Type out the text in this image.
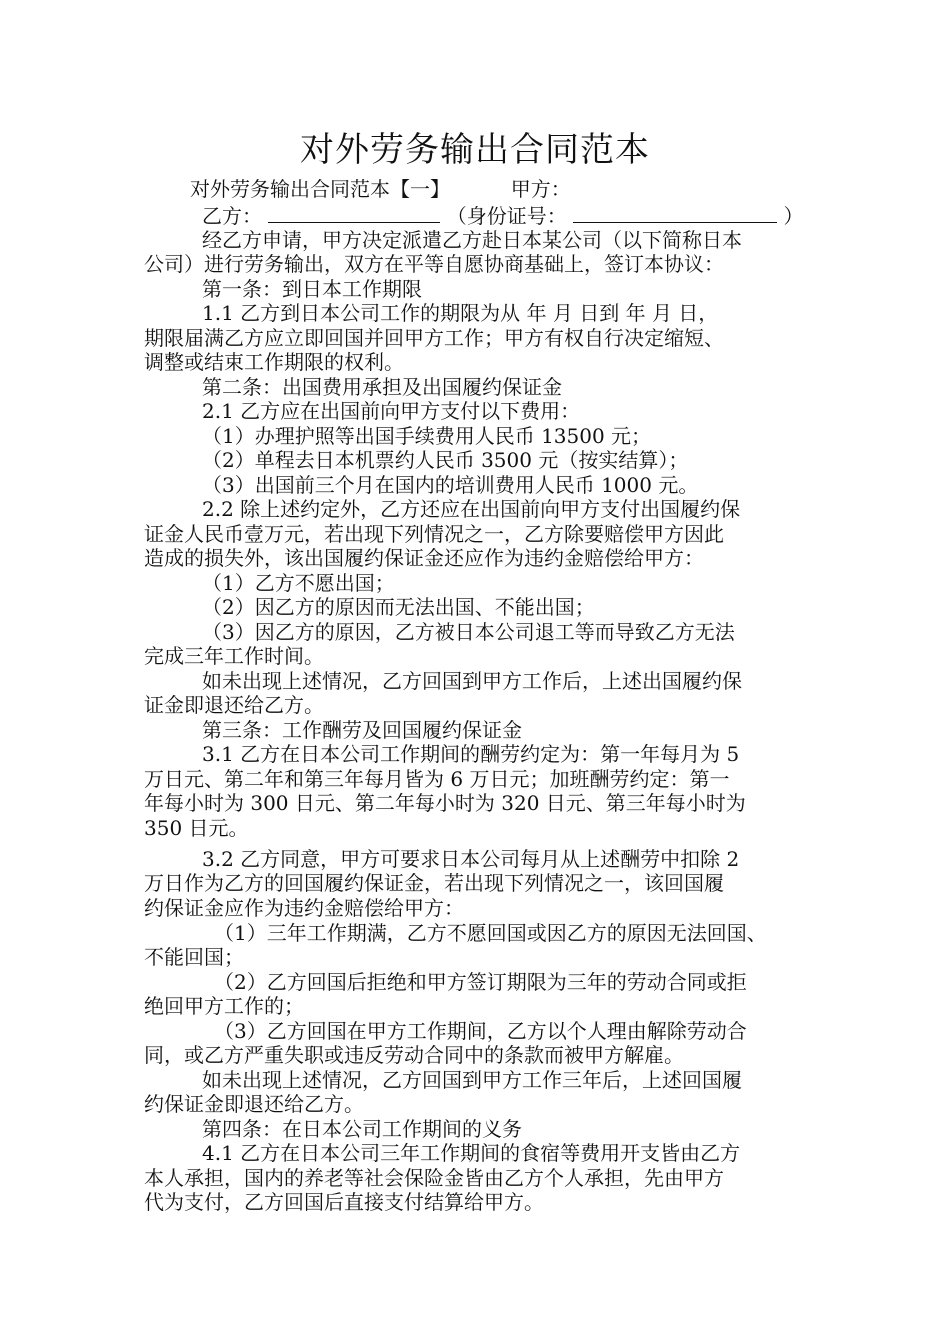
对外劳务输出合同范本
对外劳务输出合同范本【一】	甲方：
乙方：	（身份证号：	）
经乙方申请，甲方决定派遣乙方赴日本某公司（以下简称日本
公司）进行劳务输出，双方在平等自愿协商基础上，签订本协议：
第一条：到日本工作期限
1.1 乙方到日本公司工作的期限为从 年 月 日到 年 月 日，
期限届满乙方应立即回国并回甲方工作；甲方有权自行决定缩短、
调整或结束工作期限的权利。
第二条：出国费用承担及出国履约保证金
2.1 乙方应在出国前向甲方支付以下费用：
（1）办理护照等出国手续费用人民币 13500 元；
（2）单程去日本机票约人民币 3500 元（按实结算）；
（3）出国前三个月在国内的培训费用人民币 1000 元。
2.2 除上述约定外，乙方还应在出国前向甲方支付出国履约保
证金人民币壹万元，若出现下列情况之一，乙方除要赔偿甲方因此
造成的损失外，该出国履约保证金还应作为违约金赔偿给甲方：
（1）乙方不愿出国；
（2）因乙方的原因而无法出国、不能出国；
（3）因乙方的原因，乙方被日本公司退工等而导致乙方无法
完成三年工作时间。
如未出现上述情况，乙方回国到甲方工作后，上述出国履约保
证金即退还给乙方。
第三条：工作酬劳及回国履约保证金
3.1 乙方在日本公司工作期间的酬劳约定为：第一年每月为 5
万日元、第二年和第三年每月皆为 6 万日元；加班酬劳约定：第一
年每小时为 300 日元、第二年每小时为 320 日元、第三年每小时为
350 日元。
3.2 乙方同意，甲方可要求日本公司每月从上述酬劳中扣除 2
万日作为乙方的回国履约保证金，若出现下列情况之一，该回国履
约保证金应作为违约金赔偿给甲方：
（1）三年工作期满，乙方不愿回国或因乙方的原因无法回国、
不能回国；
（2）乙方回国后拒绝和甲方签订期限为三年的劳动合同或拒
绝回甲方工作的；
（3）乙方回国在甲方工作期间，乙方以个人理由解除劳动合
同，或乙方严重失职或违反劳动合同中的条款而被甲方解雇。
如未出现上述情况，乙方回国到甲方工作三年后，上述回国履
约保证金即退还给乙方。
第四条：在日本公司工作期间的义务
4.1 乙方在日本公司三年工作期间的食宿等费用开支皆由乙方
本人承担，国内的养老等社会保险金皆由乙方个人承担，先由甲方
代为支付，乙方回国后直接支付结算给甲方。
